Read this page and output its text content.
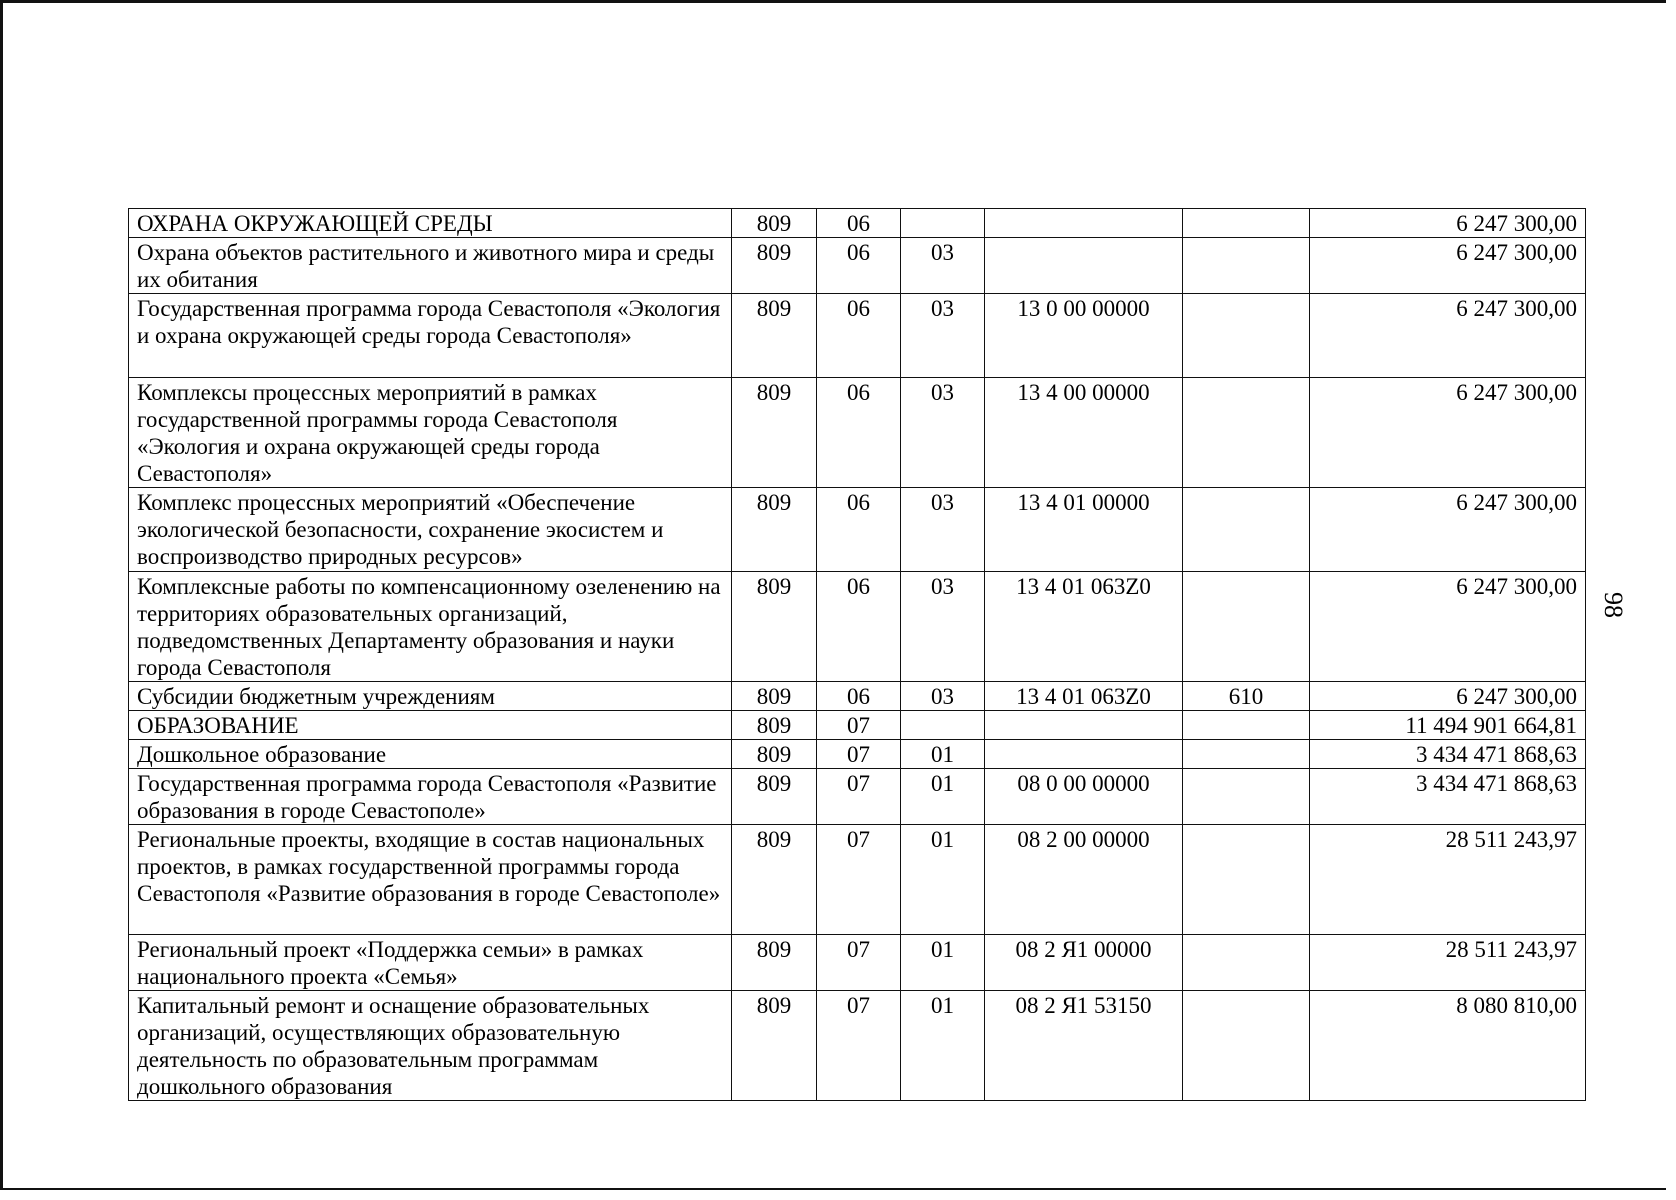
98
ОХРАНА ОКРУЖАЮЩЕЙ СРЕДЫ	809	06				6 247 300,00
Охрана объектов растительного и животного мира и среды их обитания	809	06	03			6 247 300,00
Государственная программа города Севастополя «Экология и охрана окружающей среды города Севастополя»	809	06	03	13 0 00 00000		6 247 300,00
Комплексы процессных мероприятий в рамках государственной программы города Севастополя «Экология и охрана окружающей среды города Севастополя»	809	06	03	13 4 00 00000		6 247 300,00
Комплекс процессных мероприятий «Обеспечение экологической безопасности, сохранение экосистем и воспроизводство природных ресурсов»	809	06	03	13 4 01 00000		6 247 300,00
Комплексные работы по компенсационному озеленению на территориях образовательных организаций, подведомственных Департаменту образования и науки города Севастополя	809	06	03	13 4 01 063Z0		6 247 300,00
Субсидии бюджетным учреждениям	809	06	03	13 4 01 063Z0	610	6 247 300,00
ОБРАЗОВАНИЕ	809	07				11 494 901 664,81
Дошкольное образование	809	07	01			3 434 471 868,63
Государственная программа города Севастополя «Развитие образования в городе Севастополе»	809	07	01	08 0 00 00000		3 434 471 868,63
Региональные проекты, входящие в состав национальных проектов, в рамках государственной программы города Севастополя «Развитие образования в городе Севастополе»	809	07	01	08 2 00 00000		28 511 243,97
Региональный проект «Поддержка семьи» в рамках национального проекта «Семья»	809	07	01	08 2 Я1 00000		28 511 243,97
Капитальный ремонт и оснащение образовательных организаций, осуществляющих образовательную деятельность по образовательным программам дошкольного образования	809	07	01	08 2 Я1 53150		8 080 810,00
